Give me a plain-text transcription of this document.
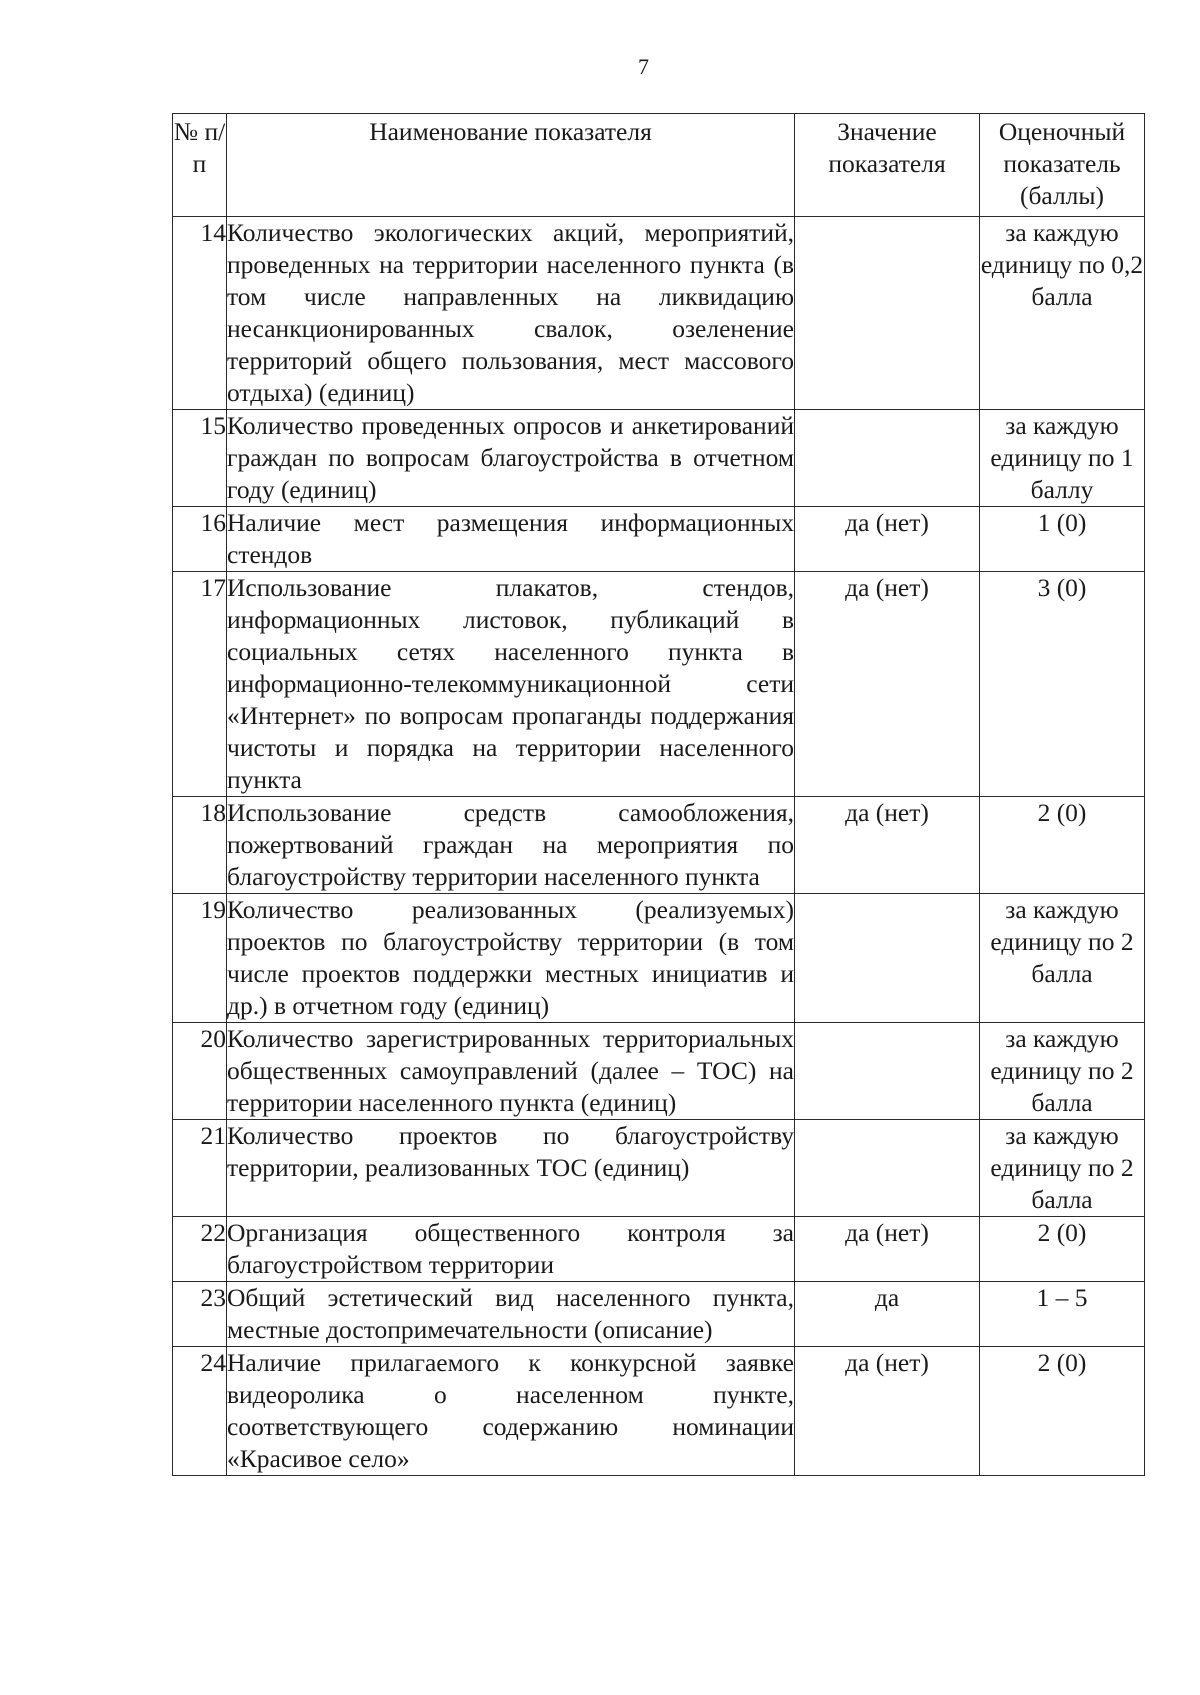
7
№ п/п	Наименование показателя	Значение показателя	Оценочный показатель (баллы)

14	Количество экологических акций, мероприятий, проведенных на территории населенного пункта (в том числе направленных на ликвидацию несанкционированных свалок, озеленение территорий общего пользования, мест массового отдыха) (единиц)		за каждую единицу по 0,2 балла

15	Количество проведенных опросов и анкетирований граждан по вопросам благоустройства в отчетном году (единиц)		за каждую единицу по 1 баллу

16	Наличие мест размещения информационных стендов	да (нет)	1 (0)

17	Использование плакатов, стендов, информационных листовок, публикаций в социальных сетях населенного пункта в информационно-телекоммуникационной сети «Интернет» по вопросам пропаганды поддержания чистоты и порядка на территории населенного пункта	да (нет)	3 (0)

18	Использование средств самообложения, пожертвований граждан на мероприятия по благоустройству территории населенного пункта	да (нет)	2 (0)

19	Количество реализованных (реализуемых) проектов по благоустройству территории (в том числе проектов поддержки местных инициатив и др.) в отчетном году (единиц)		за каждую единицу по 2 балла

20	Количество зарегистрированных территориальных общественных самоуправлений (далее – ТОС) на территории населенного пункта (единиц)		за каждую единицу по 2 балла

21	Количество проектов по благоустройству территории, реализованных ТОС (единиц)		за каждую единицу по 2 балла

22	Организация общественного контроля за благоустройством территории	да (нет)	2 (0)

23	Общий эстетический вид населенного пункта, местные достопримечательности (описание)	да	1 – 5

24	Наличие прилагаемого к конкурсной заявке видеоролика о населенном пункте, соответствующего содержанию номинации «Красивое село»	да (нет)	2 (0)
